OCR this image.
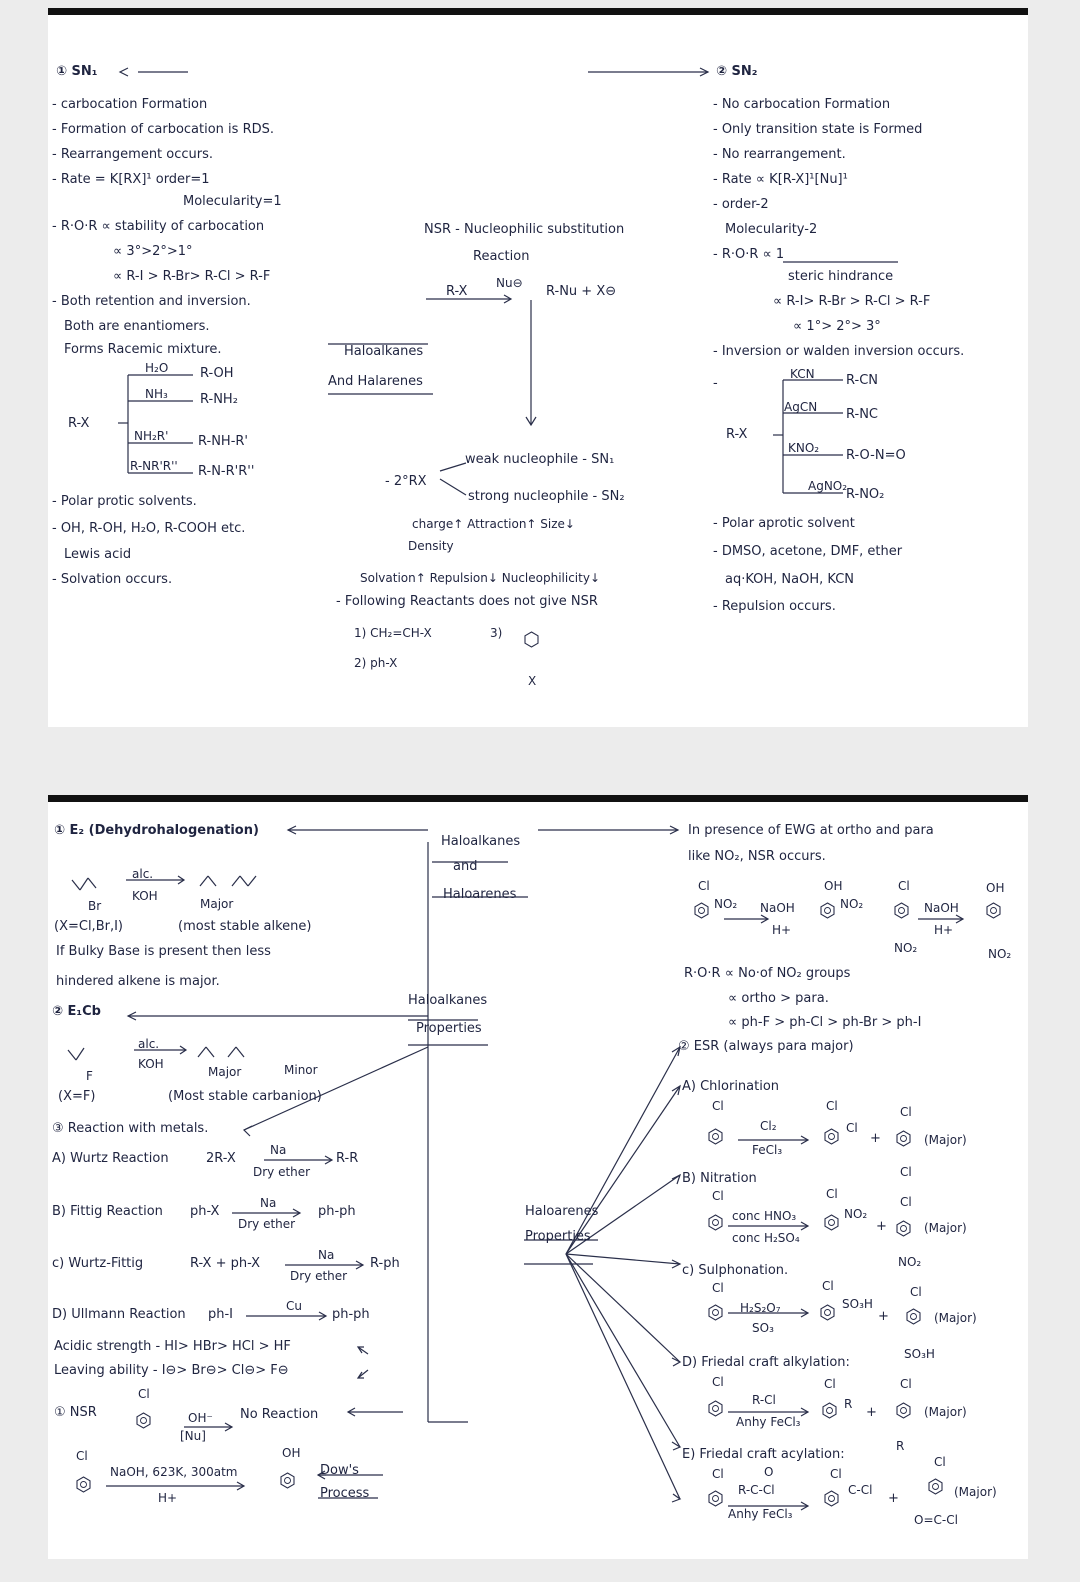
① SN₁
- carbocation Formation
- Formation of carbocation is RDS.
- Rearrangement occurs.
- Rate = K[RX]¹ order=1
Molecularity=1
- R·O·R ∝ stability of carbocation
∝ 3°>2°>1°
∝ R-I > R-Br> R-Cl > R-F
- Both retention and inversion.
Both are enantiomers.
Forms Racemic mixture.
R-X
H₂O
NH₃
NH₂R'
R-NR'R''
R-OH
R-NH₂
R-NH-R'
R-N-R'R''
- Polar protic solvents.
- OH, R-OH, H₂O, R-COOH etc.
Lewis acid
- Solvation occurs.
Haloalkanes
And Halarenes
NSR - Nucleophilic substitution
Reaction
R-X
Nu⊖
R-Nu + X⊖
- 2°RX
weak nucleophile - SN₁
strong nucleophile - SN₂
charge↑ Attraction↑ Size↓
Density
Solvation↑ Repulsion↓ Nucleophilicity↓
- Following Reactants does not give NSR
1) CH₂=CH-X	3)
2) ph-X
X
② SN₂
- No carbocation Formation
- Only transition state is Formed
- No rearrangement.
- Rate ∝ K[R-X]¹[Nu]¹
- order-2
Molecularity-2
- R·O·R ∝ 1
steric hindrance
∝ R-I> R-Br > R-Cl > R-F
∝ 1°> 2°> 3°
- Inversion or walden inversion occurs.
-
R-X
KCN
AgCN
KNO₂
AgNO₂
R-CN
R-NC
R-O-N=O
R-NO₂
- Polar aprotic solvent
- DMSO, acetone, DMF, ether
aq·KOH, NaOH, KCN
- Repulsion occurs.
① E₂ (Dehydrohalogenation)
alc.
KOH
Br	Major
(X=Cl,Br,I)	(most stable alkene)
If Bulky Base is present then less
hindered alkene is major.
② E₁Cb
alc.
KOH
F	Major	Minor
(X=F)	(Most stable carbanion)
③ Reaction with metals.
A) Wurtz Reaction	2R-X
Na
Dry ether
R-R
B) Fittig Reaction ph-X
Na
Dry ether
ph-ph
c) Wurtz-Fittig	R-X + ph-X
Na
Dry ether
R-ph
D) Ullmann Reaction ph-I
Cu
ph-ph
Acidic strength - HI> HBr> HCl > HF
Leaving ability - I⊖> Br⊖> Cl⊖> F⊖
① NSR
Cl
OH⁻
[Nu]
No Reaction
Cl
NaOH, 623K, 300atm
H+
OH
Dow's
Process
Haloalkanes
and
Haloarenes
Haloalkanes
Properties
Haloarenes
Properties
In presence of EWG at ortho and para
like NO₂, NSR occurs.
Cl
NO₂ NaOH
H+
OH
NO₂
Cl
NO₂
NaOH
H+
OH
NO₂
R·O·R ∝ No·of NO₂ groups
∝ ortho > para.
∝ ph-F > ph-Cl > ph-Br > ph-I
② ESR (always para major)
A) Chlorination
Cl
Cl₂
FeCl₃
Cl
Cl
+
Cl
Cl
(Major)
B) Nitration
Cl
conc HNO₃
conc H₂SO₄
Cl
NO₂
+
Cl
NO₂
(Major)
c) Sulphonation.
Cl
H₂S₂O₇
SO₃
Cl
SO₃H
+
Cl
SO₃H
(Major)
D) Friedal craft alkylation:
Cl
R-Cl
Anhy FeCl₃
Cl
R
+
Cl
R
(Major)
E) Friedal craft acylation:
Cl	O
R-C-Cl
Anhy FeCl₃
Cl
C-Cl
+
Cl
O=C-Cl
(Major)
